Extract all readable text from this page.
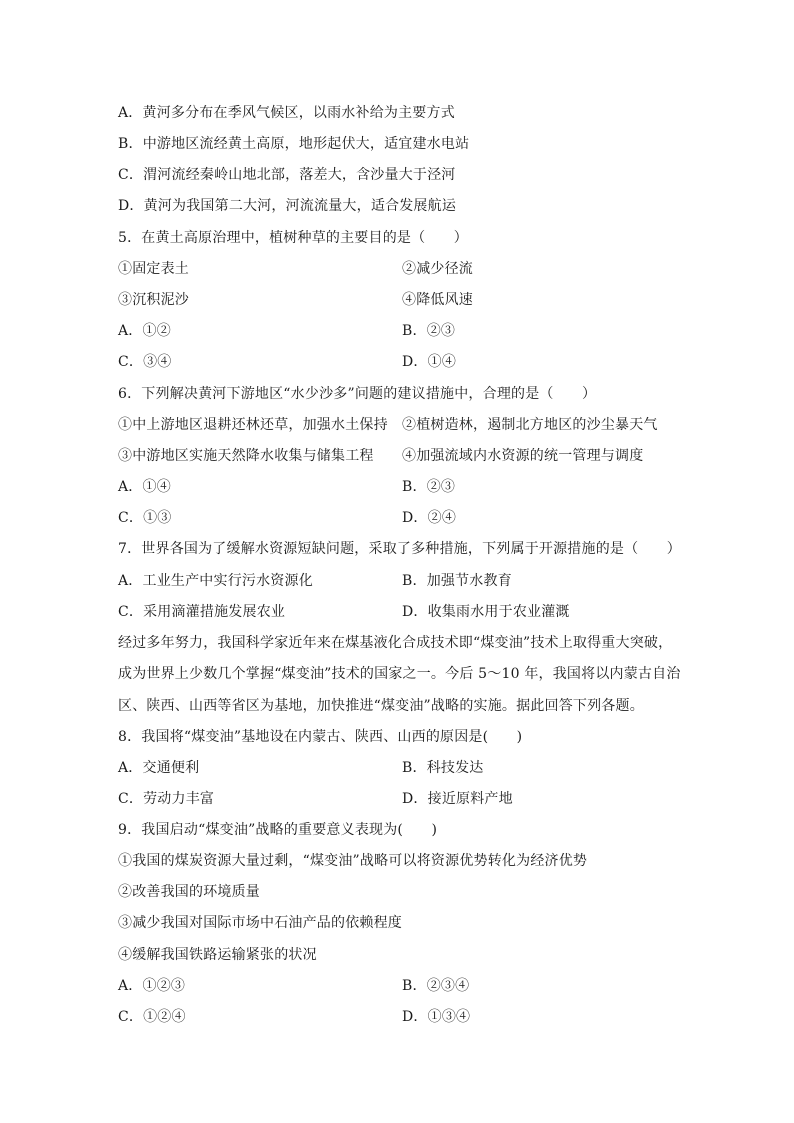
A．黄河多分布在季风气候区，以雨水补给为主要方式
B．中游地区流经黄土高原，地形起伏大，适宜建水电站
C．渭河流经秦岭山地北部，落差大，含沙量大于泾河
D．黄河为我国第二大河，河流流量大，适合发展航运
5．在黄土高原治理中，植树种草的主要目的是（　　）
①固定表土	②减少径流
③沉积泥沙	④降低风速
A．①②	B．②③
C．③④	D．①④
6．下列解决黄河下游地区“水少沙多”问题的建议措施中，合理的是（　　）
①中上游地区退耕还林还草，加强水土保持 ②植树造林，遏制北方地区的沙尘暴天气
③中游地区实施天然降水收集与储集工程 ④加强流域内水资源的统一管理与调度
A．①④	B．②③
C．①③	D．②④
7．世界各国为了缓解水资源短缺问题，采取了多种措施，下列属于开源措施的是（　　）
A．工业生产中实行污水资源化	B．加强节水教育
C．采用滴灌措施发展农业	D．收集雨水用于农业灌溉
经过多年努力，我国科学家近年来在煤基液化合成技术即“煤变油”技术上取得重大突破，
成为世界上少数几个掌握“煤变油”技术的国家之一。今后 5～10 年，我国将以内蒙古自治
区、陕西、山西等省区为基地，加快推进“煤变油”战略的实施。据此回答下列各题。
8．我国将“煤变油”基地设在内蒙古、陕西、山西的原因是(　　)
A．交通便利	B．科技发达
C．劳动力丰富	D．接近原料产地
9．我国启动“煤变油”战略的重要意义表现为(　　)
①我国的煤炭资源大量过剩，“煤变油”战略可以将资源优势转化为经济优势
②改善我国的环境质量
③减少我国对国际市场中石油产品的依赖程度
④缓解我国铁路运输紧张的状况
A．①②③	B．②③④
C．①②④	D．①③④
